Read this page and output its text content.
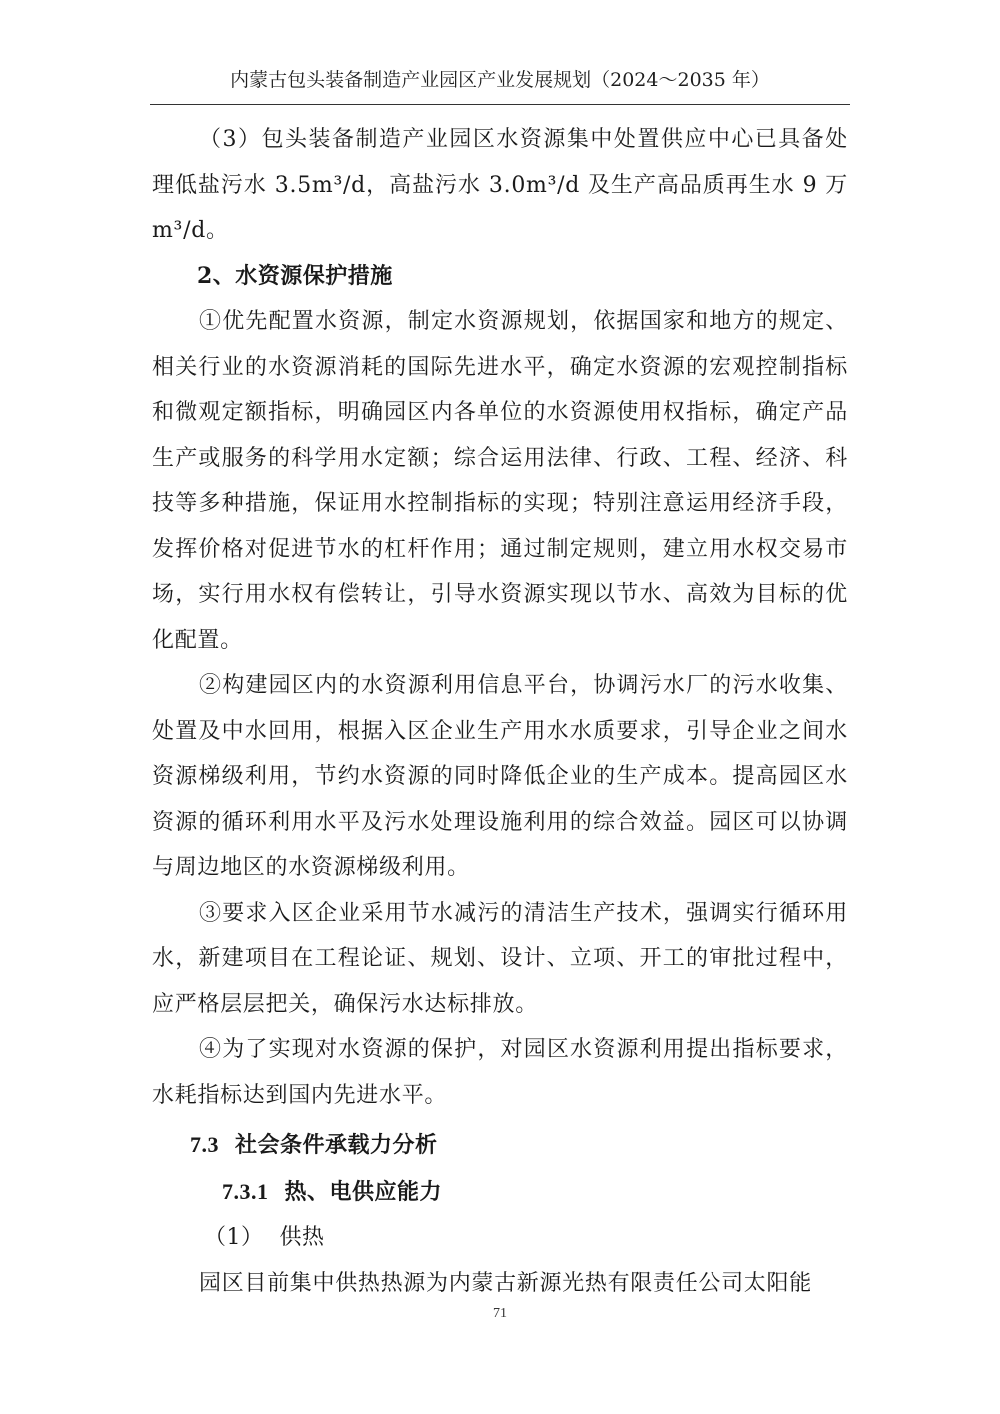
内蒙古包头装备制造产业园区产业发展规划（2024～2035 年）

（3）包头装备制造产业园区水资源集中处置供应中心已具备处理低盐污水 3.5m³/d，高盐污水 3.0m³/d 及生产高品质再生水 9 万 m³/d。

2、水资源保护措施

①优先配置水资源，制定水资源规划，依据国家和地方的规定、相关行业的水资源消耗的国际先进水平，确定水资源的宏观控制指标和微观定额指标，明确园区内各单位的水资源使用权指标，确定产品生产或服务的科学用水定额；综合运用法律、行政、工程、经济、科技等多种措施，保证用水控制指标的实现；特别注意运用经济手段，发挥价格对促进节水的杠杆作用；通过制定规则，建立用水权交易市场，实行用水权有偿转让，引导水资源实现以节水、高效为目标的优化配置。

②构建园区内的水资源利用信息平台，协调污水厂的污水收集、处置及中水回用，根据入区企业生产用水水质要求，引导企业之间水资源梯级利用，节约水资源的同时降低企业的生产成本。提高园区水资源的循环利用水平及污水处理设施利用的综合效益。园区可以协调与周边地区的水资源梯级利用。

③要求入区企业采用节水减污的清洁生产技术，强调实行循环用水，新建项目在工程论证、规划、设计、立项、开工的审批过程中，应严格层层把关，确保污水达标排放。

④为了实现对水资源的保护，对园区水资源利用提出指标要求，水耗指标达到国内先进水平。

7.3 社会条件承载力分析

7.3.1 热、电供应能力

（1） 供热

园区目前集中供热热源为内蒙古新源光热有限责任公司太阳能

71
